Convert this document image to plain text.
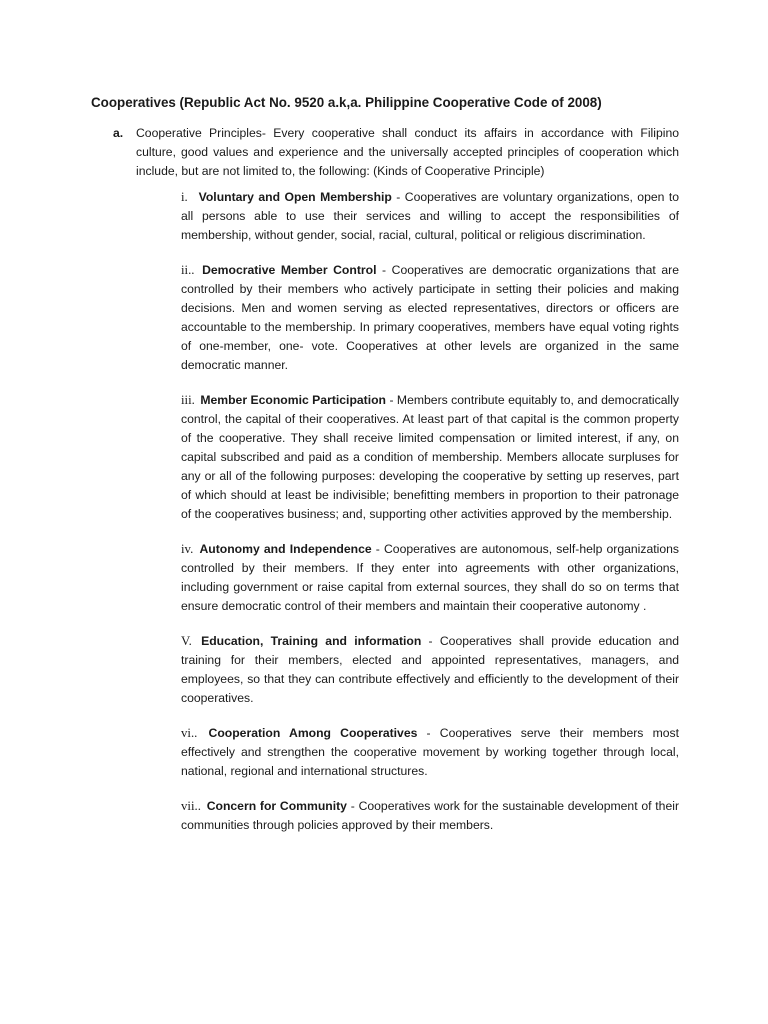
Cooperatives (Republic Act No. 9520 a.k,a. Philippine Cooperative Code of 2008)
a. Cooperative Principles- Every cooperative shall conduct its affairs in accordance with Filipino culture, good values and experience and the universally accepted principles of cooperation which include, but are not limited to, the following: (Kinds of Cooperative Principle)

i. Voluntary and Open Membership - Cooperatives are voluntary organizations, open to all persons able to use their services and willing to accept the responsibilities of membership, without gender, social, racial, cultural, political or religious discrimination.

ii.. Democrative Member Control - Cooperatives are democratic organizations that are controlled by their members who actively participate in setting their policies and making decisions. Men and women serving as elected representatives, directors or officers are accountable to the membership. In primary cooperatives, members have equal voting rights of one-member, one- vote. Cooperatives at other levels are organized in the same democratic manner.

iii. Member Economic Participation - Members contribute equitably to, and democratically control, the capital of their cooperatives. At least part of that capital is the common property of the cooperative. They shall receive limited compensation or limited interest, if any, on capital subscribed and paid as a condition of membership. Members allocate surpluses for any or all of the following purposes: developing the cooperative by setting up reserves, part of which should at least be indivisible; benefitting members in proportion to their patronage of the cooperatives business; and, supporting other activities approved by the membership.

iv. Autonomy and Independence - Cooperatives are autonomous, self-help organizations controlled by their members. If they enter into agreements with other organizations, including government or raise capital from external sources, they shall do so on terms that ensure democratic control of their members and maintain their cooperative autonomy .

V. Education, Training and information - Cooperatives shall provide education and training for their members, elected and appointed representatives, managers, and employees, so that they can contribute effectively and efficiently to the development of their cooperatives.

vi.. Cooperation Among Cooperatives - Cooperatives serve their members most effectively and strengthen the cooperative movement by working together through local, national, regional and international structures.

vii.. Concern for Community - Cooperatives work for the sustainable development of their communities through policies approved by their members.
